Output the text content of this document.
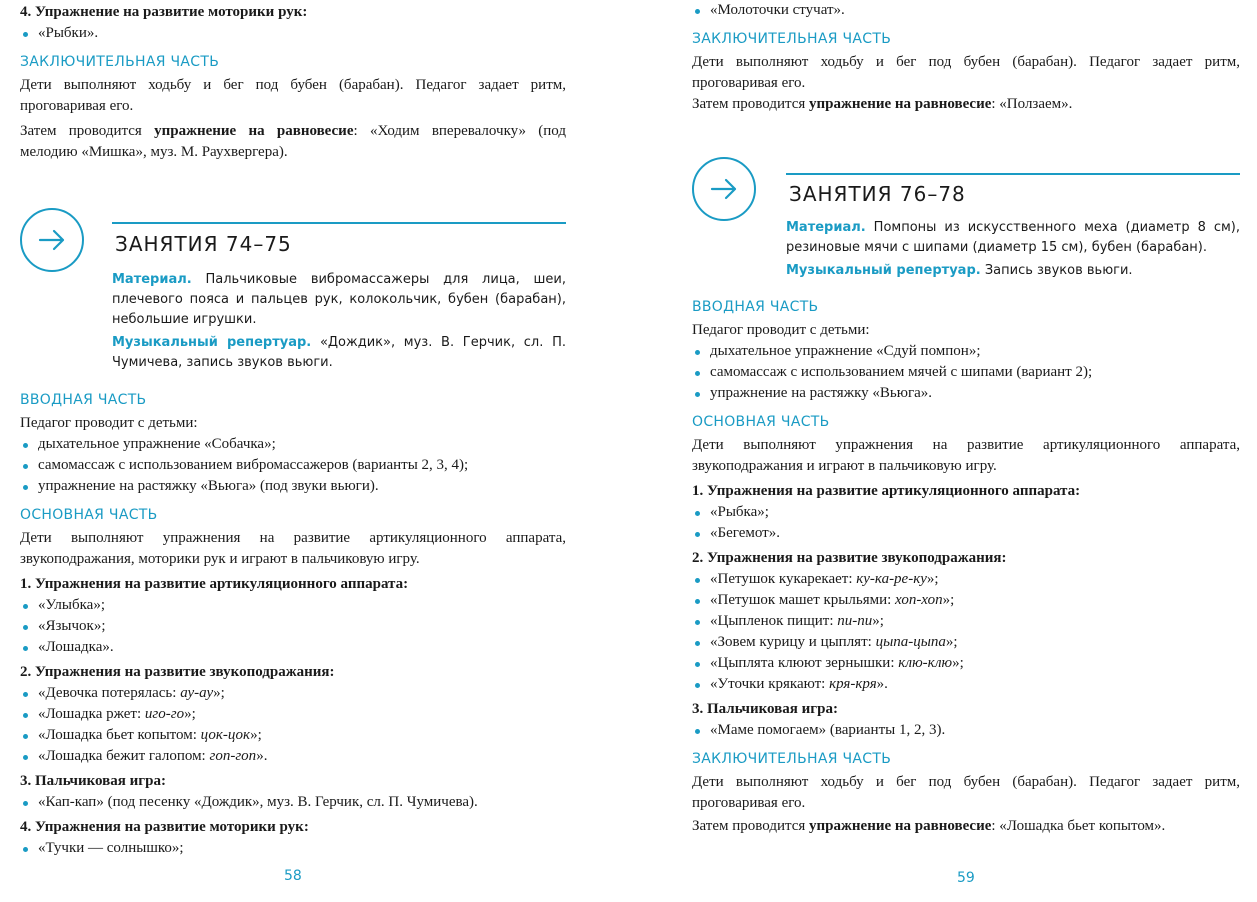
4. Упражнение на развитие моторики рук:

«Рыбки».
ЗАКЛЮЧИТЕЛЬНАЯ ЧАСТЬ

Дети выполняют ходьбу и бег под бубен (барабан). Педагог задает ритм, проговаривая его.

Затем проводится упражнение на равновесие: «Ходим вперевалочку» (под мелодию «Мишка», муз. М. Раухвергера).

ЗАНЯТИЯ 74–75

Материал. Пальчиковые вибромассажеры для лица, шеи, плечевого пояса и пальцев рук, колокольчик, бубен (барабан), небольшие игрушки.

Музыкальный репертуар. «Дождик», муз. В. Герчик, сл. П. Чумичева, запись звуков вьюги.

ВВОДНАЯ ЧАСТЬ

Педагог проводит с детьми:

дыхательное упражнение «Собачка»;
самомассаж с использованием вибромассажеров (варианты 2, 3, 4);
упражнение на растяжку «Вьюга» (под звуки вьюги).
ОСНОВНАЯ ЧАСТЬ

Дети выполняют упражнения на развитие артикуляционного аппарата, звукоподражания, моторики рук и играют в пальчиковую игру.

1. Упражнения на развитие артикуляционного аппарата:

«Улыбка»;
«Язычок»;
«Лошадка».

2. Упражнения на развитие звукоподражания:

«Девочка потерялась: ау-ау»;
«Лошадка ржет: иго-го»;
«Лошадка бьет копытом: цок-цок»;
«Лошадка бежит галопом: гоп-гоп».

3. Пальчиковая игра:

«Кап-кап» (под песенку «Дождик», муз. В. Герчик, сл. П. Чумичева).

4. Упражнения на развитие моторики рук:

«Тучки — солнышко»;
58
«Молоточки стучат».
ЗАКЛЮЧИТЕЛЬНАЯ ЧАСТЬ

Дети выполняют ходьбу и бег под бубен (барабан). Педагог задает ритм, проговаривая его.

Затем проводится упражнение на равновесие: «Ползаем».

ЗАНЯТИЯ 76–78

Материал. Помпоны из искусственного меха (диаметр 8 см), резиновые мячи с шипами (диаметр 15 см), бубен (барабан).

Музыкальный репертуар. Запись звуков вьюги.

ВВОДНАЯ ЧАСТЬ

Педагог проводит с детьми:

дыхательное упражнение «Сдуй помпон»;
самомассаж с использованием мячей с шипами (вариант 2);
упражнение на растяжку «Вьюга».
ОСНОВНАЯ ЧАСТЬ

Дети выполняют упражнения на развитие артикуляционного аппарата, звукоподражания и играют в пальчиковую игру.

1. Упражнения на развитие артикуляционного аппарата:

«Рыбка»;
«Бегемот».

2. Упражнения на развитие звукоподражания:

«Петушок кукарекает: ку-ка-ре-ку»;
«Петушок машет крыльями: хоп-хоп»;
«Цыпленок пищит: пи-пи»;
«Зовем курицу и цыплят: цыпа-цыпа»;
«Цыплята клюют зернышки: клю-клю»;
«Уточки крякают: кря-кря».

3. Пальчиковая игра:

«Маме помогаем» (варианты 1, 2, 3).
ЗАКЛЮЧИТЕЛЬНАЯ ЧАСТЬ

Дети выполняют ходьбу и бег под бубен (барабан). Педагог задает ритм, проговаривая его.

Затем проводится упражнение на равновесие: «Лошадка бьет копытом».

59
